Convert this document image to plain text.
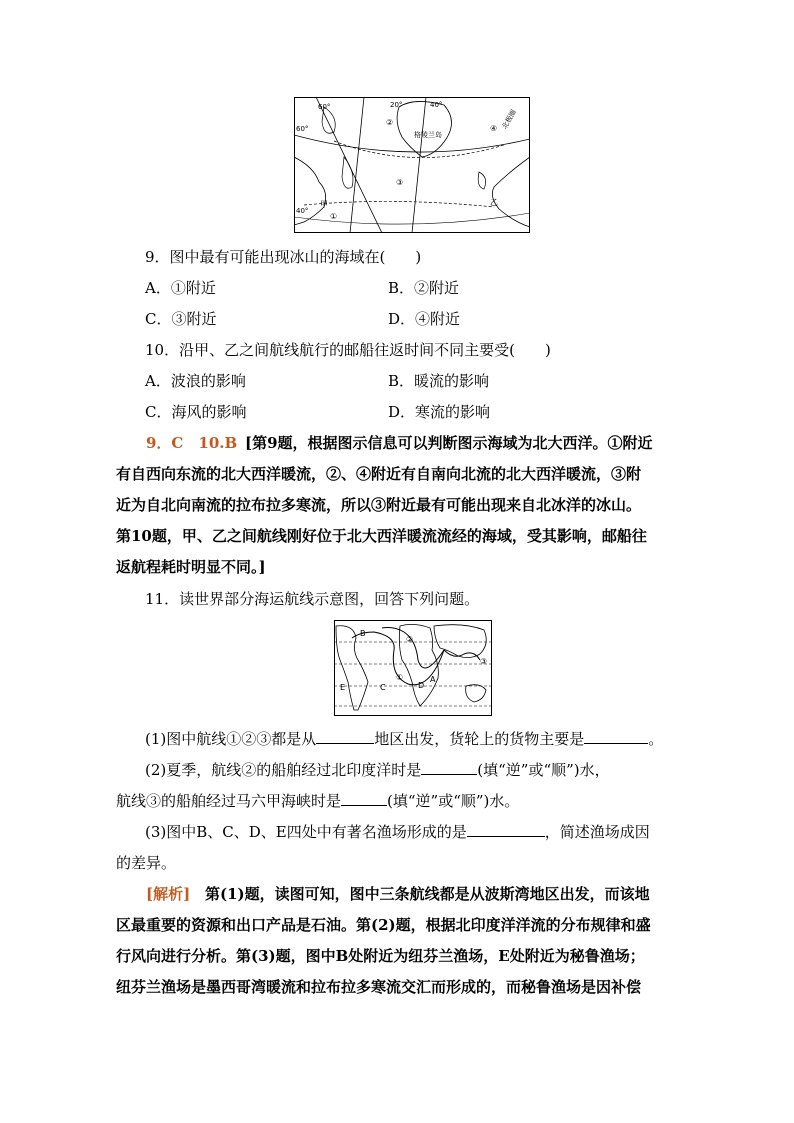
60°	20°	40°
60°
40°
格陵兰岛
北极圈
甲	乙
①
②
③
④
9．图中最有可能出现冰山的海域在(　　)
A．①附近	B．②附近
C．③附近	D．④附近
10．沿甲、乙之间航线航行的邮船往返时间不同主要受(　　)
A．波浪的影响	B．暖流的影响
C．海风的影响	D．寒流的影响
9．C　10.B [第9题，根据图示信息可以判断图示海域为北大西洋。①附近
有自西向东流的北大西洋暖流，②、④附近有自南向北流的北大西洋暖流，③附
近为自北向南流的拉布拉多寒流，所以③附近最有可能出现来自北冰洋的冰山。
第10题，甲、乙之间航线刚好位于北大西洋暖流流经的海域，受其影响，邮船往
返航程耗时明显不同。]
11．读世界部分海运航线示意图，回答下列问题。
B
C	D
E
A
①
②
③
(1)图中航线①②③都是从	地区出发，货轮上的货物主要是	。
(2)夏季，航线②的船舶经过北印度洋时是	(填“逆”或“顺”)水，
航线③的船舶经过马六甲海峡时是	(填“逆”或“顺”)水。
(3)图中B、C、D、E四处中有著名渔场形成的是	，简述渔场成因
的差异。
[解析] 第(1)题，读图可知，图中三条航线都是从波斯湾地区出发，而该地
区最重要的资源和出口产品是石油。第(2)题，根据北印度洋洋流的分布规律和盛
行风向进行分析。第(3)题，图中B处附近为纽芬兰渔场，E处附近为秘鲁渔场；
纽芬兰渔场是墨西哥湾暖流和拉布拉多寒流交汇而形成的，而秘鲁渔场是因补偿
